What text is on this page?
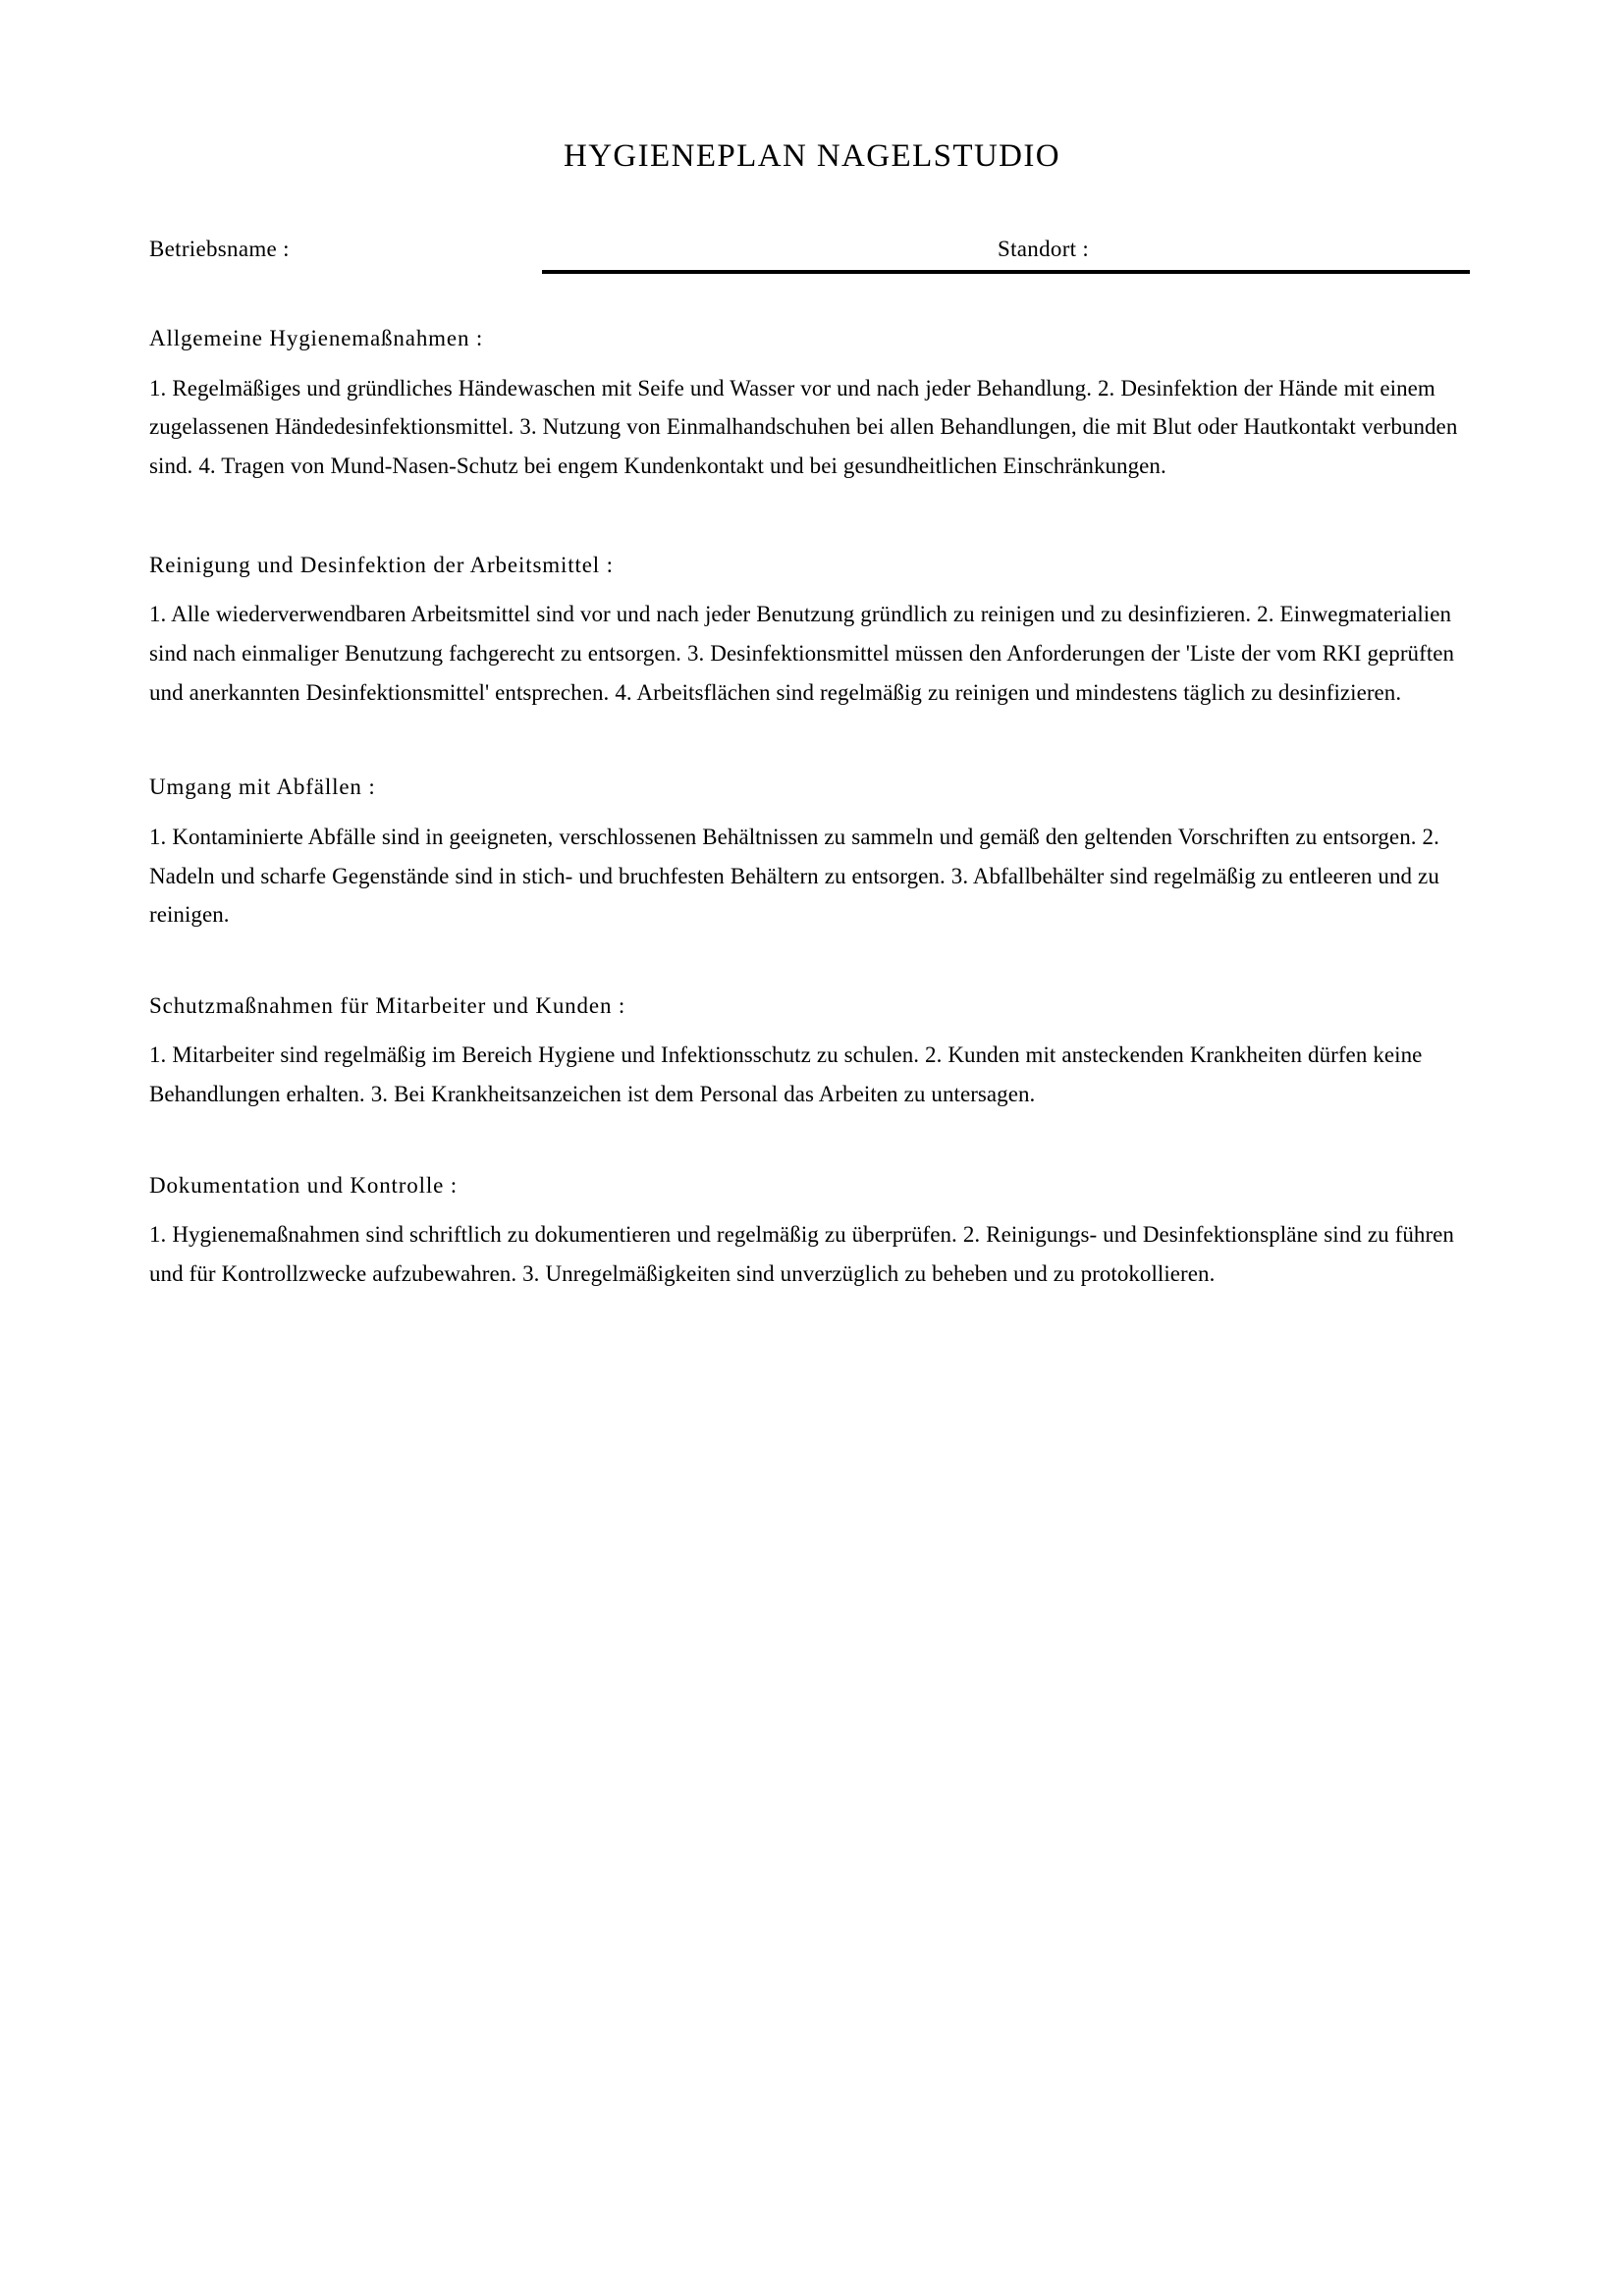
HYGIENEPLAN NAGELSTUDIO
Betriebsname :	Standort :
Allgemeine Hygienemaßnahmen :

1. Regelmäßiges und gründliches Händewaschen mit Seife und Wasser vor und nach jeder Behandlung. 2. Desinfektion der Hände mit einem zugelassenen Händedesinfektionsmittel. 3. Nutzung von Einmalhandschuhen bei allen Behandlungen, die mit Blut oder Hautkontakt verbunden sind. 4. Tragen von Mund-Nasen-Schutz bei engem Kundenkontakt und bei gesundheitlichen Einschränkungen.

Reinigung und Desinfektion der Arbeitsmittel :

1. Alle wiederverwendbaren Arbeitsmittel sind vor und nach jeder Benutzung gründlich zu reinigen und zu desinfizieren. 2. Einwegmaterialien sind nach einmaliger Benutzung fachgerecht zu entsorgen. 3. Desinfektionsmittel müssen den Anforderungen der 'Liste der vom RKI geprüften und anerkannten Desinfektionsmittel' entsprechen. 4. Arbeitsflächen sind regelmäßig zu reinigen und mindestens täglich zu desinfizieren.

Umgang mit Abfällen :

1. Kontaminierte Abfälle sind in geeigneten, verschlossenen Behältnissen zu sammeln und gemäß den geltenden Vorschriften zu entsorgen. 2. Nadeln und scharfe Gegenstände sind in stich- und bruchfesten Behältern zu entsorgen. 3. Abfallbehälter sind regelmäßig zu entleeren und zu reinigen.

Schutzmaßnahmen für Mitarbeiter und Kunden :

1. Mitarbeiter sind regelmäßig im Bereich Hygiene und Infektionsschutz zu schulen. 2. Kunden mit ansteckenden Krankheiten dürfen keine Behandlungen erhalten. 3. Bei Krankheitsanzeichen ist dem Personal das Arbeiten zu untersagen.

Dokumentation und Kontrolle :

1. Hygienemaßnahmen sind schriftlich zu dokumentieren und regelmäßig zu überprüfen. 2. Reinigungs- und Desinfektionspläne sind zu führen und für Kontrollzwecke aufzubewahren. 3. Unregelmäßigkeiten sind unverzüglich zu beheben und zu protokollieren.
